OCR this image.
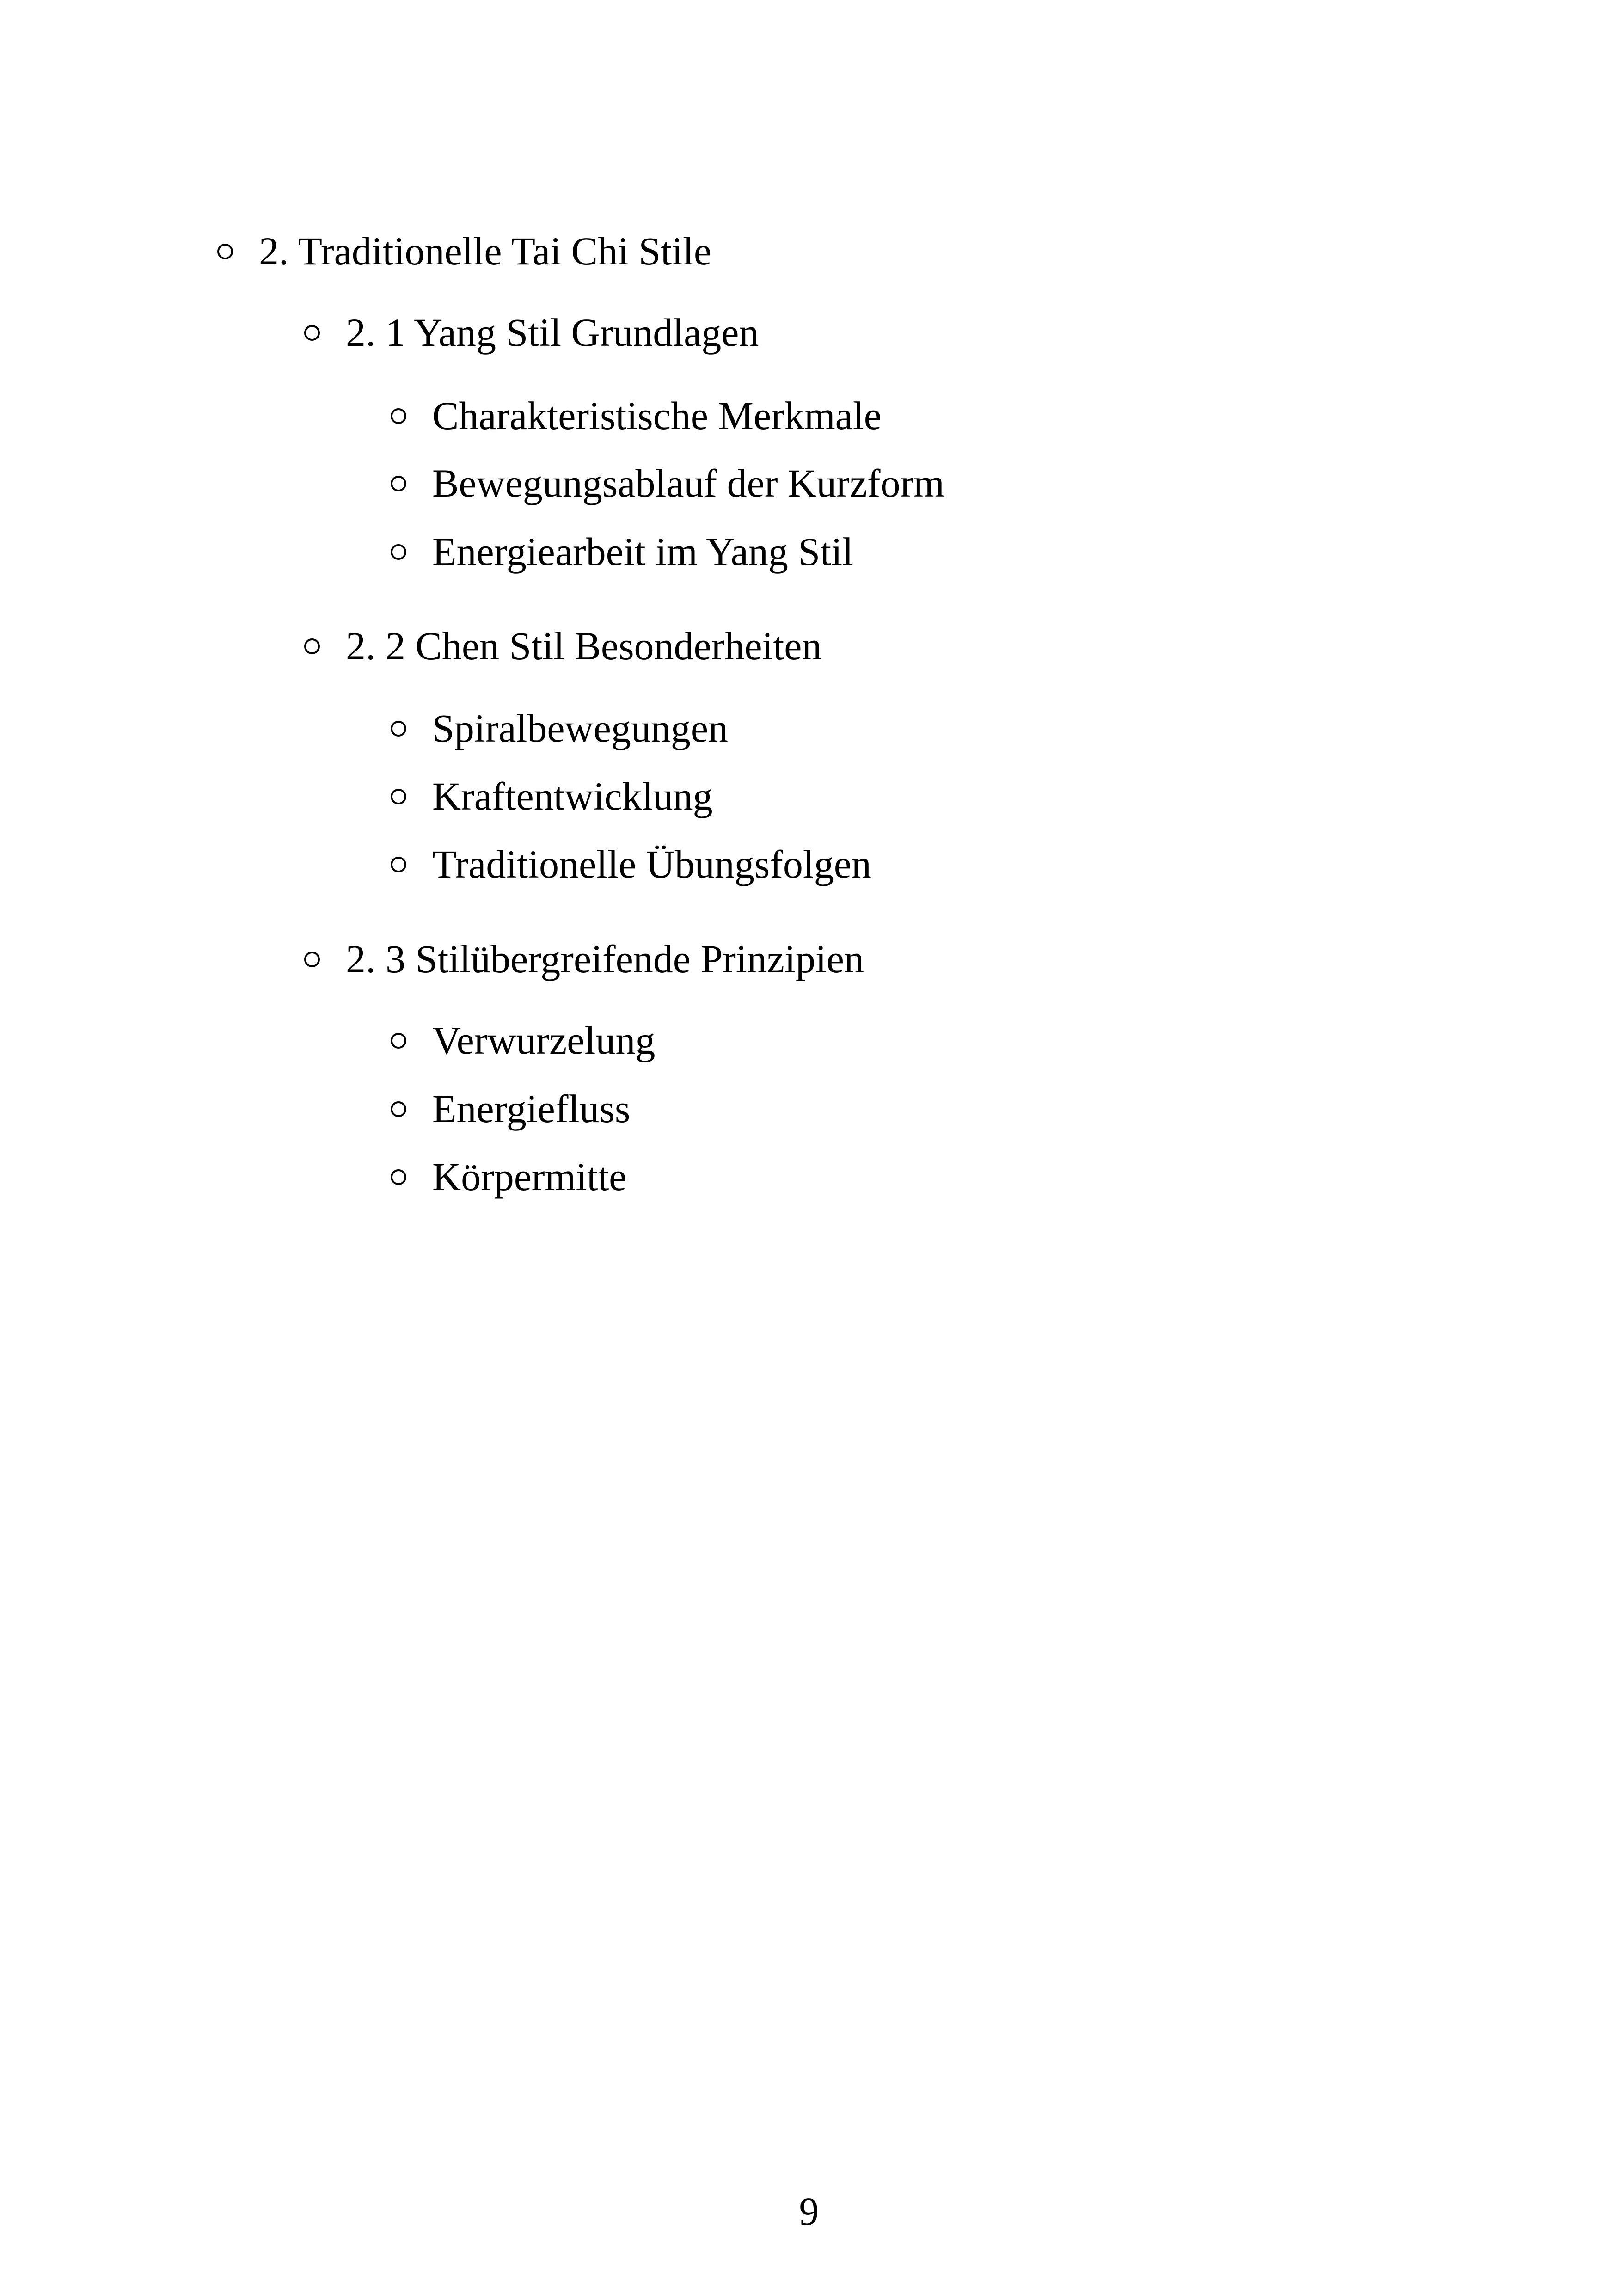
2. Traditionelle Tai Chi Stile
2. 1 Yang Stil Grundlagen
Charakteristische Merkmale
Bewegungsablauf der Kurzform
Energiearbeit im Yang Stil
2. 2 Chen Stil Besonderheiten
Spiralbewegungen
Kraftentwicklung
Traditionelle Übungsfolgen
2. 3 Stilübergreifende Prinzipien
Verwurzelung
Energiefluss
Körpermitte
9
